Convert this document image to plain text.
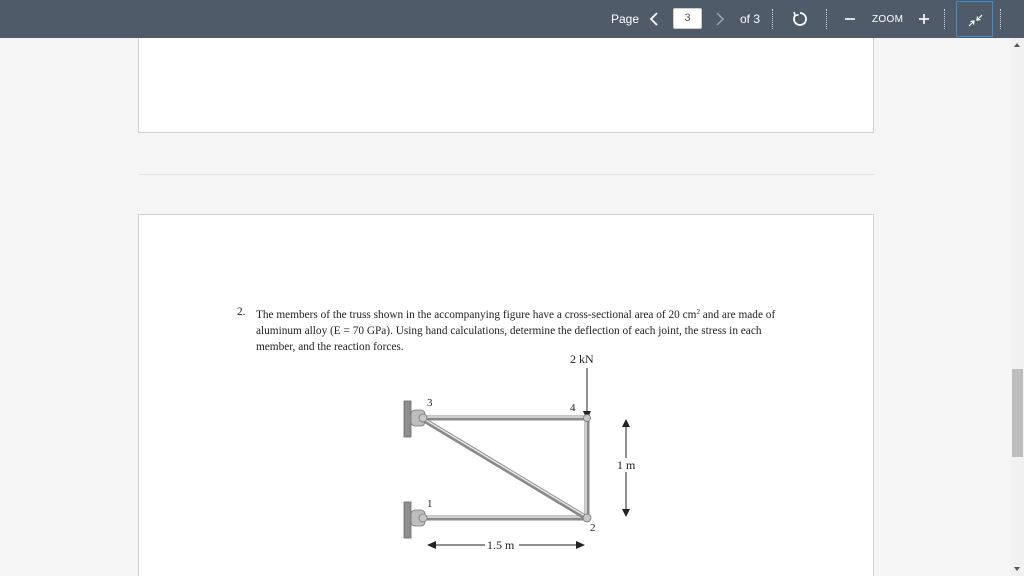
Page	3	of 3	ZOOM
2. The members of the truss shown in the accompanying figure have a cross-sectional area of 20 $cm^2$ and are made of aluminum alloy (E = 70 GPa). Using hand calculations, determine the deflection of each joint, the stress in each member, and the reaction forces.
2 kN
3	4
1
2
1 m
1.5 m
